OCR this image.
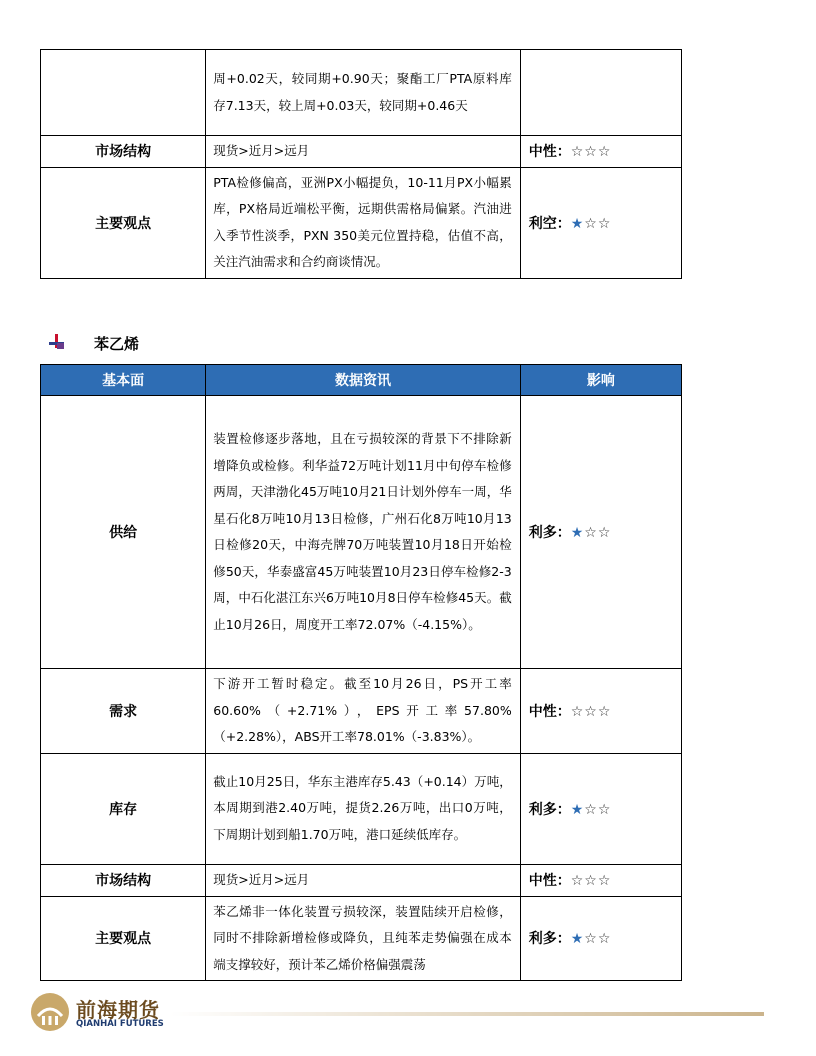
	周+0.02天，较同期+0.90天；聚酯工厂PTA原料库存7.13天，较上周+0.03天，较同期+0.46天	
市场结构	现货>近月>远月	中性：☆☆☆
主要观点	PTA检修偏高，亚洲PX小幅提负，10-11月PX小幅累库，PX格局近端松平衡，远期供需格局偏紧。汽油进入季节性淡季，PXN 350美元位置持稳，估值不高，关注汽油需求和合约商谈情况。	利空：★☆☆
苯乙烯
基本面	数据资讯	影响
供给	装置检修逐步落地，且在亏损较深的背景下不排除新增降负或检修。利华益72万吨计划11月中旬停车检修两周，天津渤化45万吨10月21日计划外停车一周，华星石化8万吨10月13日检修，广州石化8万吨10月13日检修20天，中海壳牌70万吨装置10月18日开始检修50天，华泰盛富45万吨装置10月23日停车检修2-3周，中石化湛江东兴6万吨10月8日停车检修45天。截止10月26日，周度开工率72.07%（-4.15%）。	利多：★☆☆
需求	下游开工暂时稳定。截至10月26日，PS开工率60.60%（+2.71%），EPS开工率57.80%（+2.28%），ABS开工率78.01%（-3.83%）。	中性：☆☆☆
库存	截止10月25日，华东主港库存5.43（+0.14）万吨，本周期到港2.40万吨，提货2.26万吨，出口0万吨，下周期计划到船1.70万吨，港口延续低库存。	利多：★☆☆
市场结构	现货>近月>远月	中性：☆☆☆
主要观点	苯乙烯非一体化装置亏损较深，装置陆续开启检修，同时不排除新增检修或降负，且纯苯走势偏强在成本端支撑较好，预计苯乙烯价格偏强震荡	利多：★☆☆
前海期货
QIANHAI FUTURES
